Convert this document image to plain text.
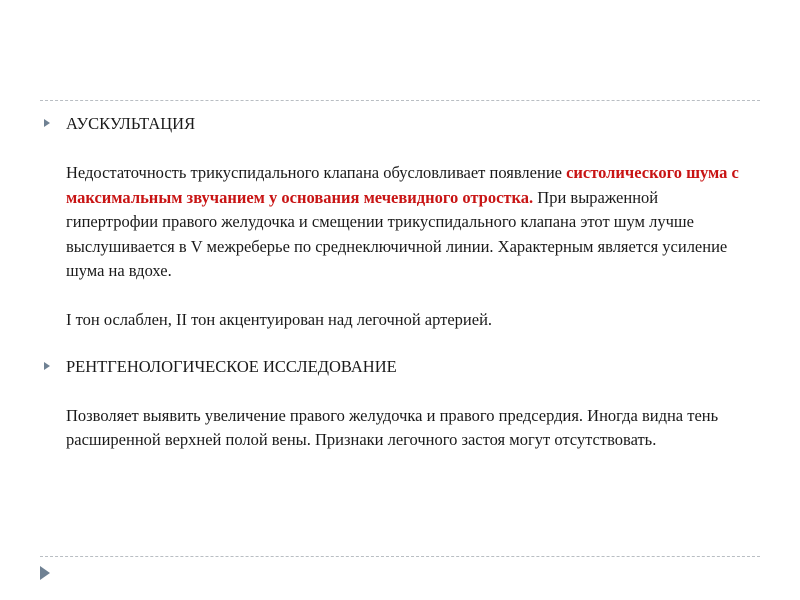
АУСКУЛЬТАЦИЯ

Недостаточность трикуспидального клапана обусловливает появление систолического шума с максимальным звучанием у основания мечевидного отростка. При выраженной гипертрофии правого желудочка и смещении трикуспидального клапана этот шум лучше выслушивается в V межреберье по среднеключичной линии. Характерным является усиление шума на вдохе.

I тон ослаблен, II тон акцентуирован над легочной артерией.

РЕНТГЕНОЛОГИЧЕСКОЕ ИССЛЕДОВАНИЕ

Позволяет выявить увеличение правого желудочка и правого предсердия. Иногда видна тень расширенной верхней полой вены. Признаки легочного застоя могут отсутствовать.
